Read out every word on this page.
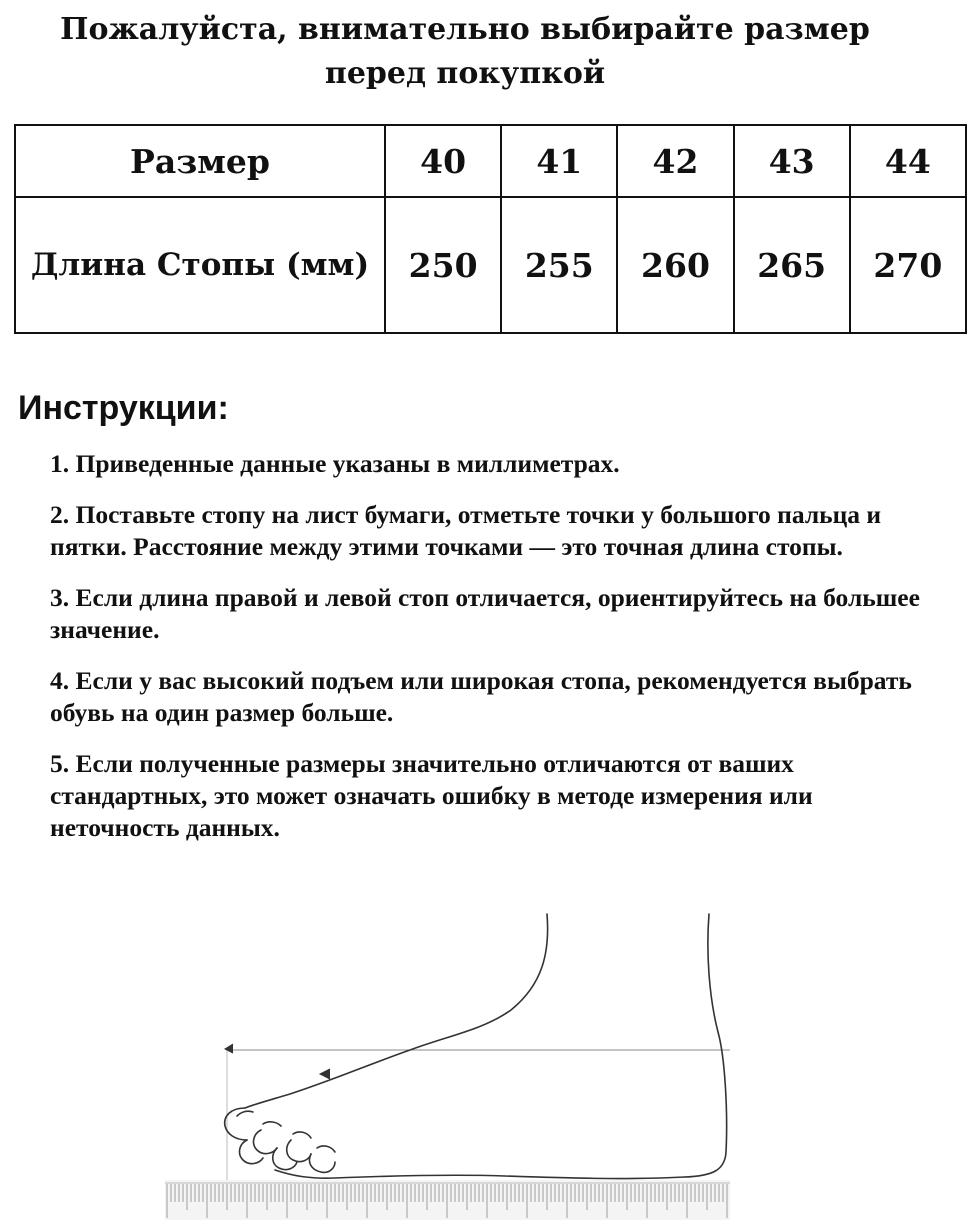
Пожалуйста, внимательно выбирайте размер
перед покупкой
Размер	40	41	42	43	44
Длина Стопы (мм)	250	255	260	265	270
Инструкции:
1. Приведенные данные указаны в миллиметрах.
2. Поставьте стопу на лист бумаги, отметьте точки у большого пальца и пятки. Расстояние между этими точками — это точная длина стопы.
3. Если длина правой и левой стоп отличается, ориентируйтесь на большее значение.
4. Если у вас высокий подъем или широкая стопа, рекомендуется выбрать обувь на один размер больше.
5. Если полученные размеры значительно отличаются от ваших стандартных, это может означать ошибку в методе измерения или неточность данных.
